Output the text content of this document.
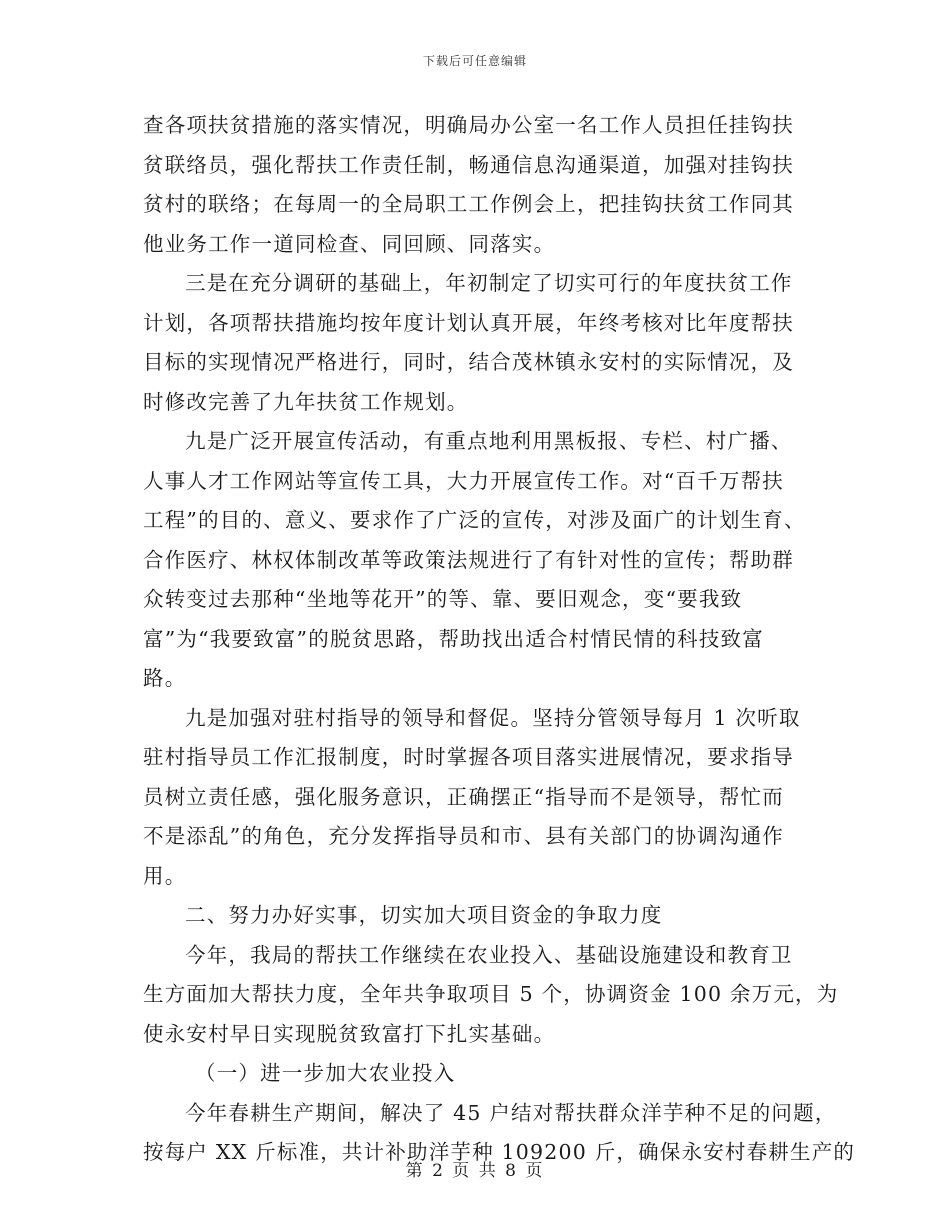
下载后可任意编辑
查各项扶贫措施的落实情况，明确局办公室一名工作人员担任挂钩扶
贫联络员，强化帮扶工作责任制，畅通信息沟通渠道，加强对挂钩扶
贫村的联络；在每周一的全局职工工作例会上，把挂钩扶贫工作同其
他业务工作一道同检查、同回顾、同落实。
三是在充分调研的基础上，年初制定了切实可行的年度扶贫工作
计划，各项帮扶措施均按年度计划认真开展，年终考核对比年度帮扶
目标的实现情况严格进行，同时，结合茂林镇永安村的实际情况，及
时修改完善了九年扶贫工作规划。
九是广泛开展宣传活动，有重点地利用黑板报、专栏、村广播、
人事人才工作网站等宣传工具，大力开展宣传工作。对“百千万帮扶
工程”的目的、意义、要求作了广泛的宣传，对涉及面广的计划生育、
合作医疗、林权体制改革等政策法规进行了有针对性的宣传；帮助群
众转变过去那种“坐地等花开”的等、靠、要旧观念，变“要我致
富”为“我要致富”的脱贫思路，帮助找出适合村情民情的科技致富
路。
九是加强对驻村指导的领导和督促。坚持分管领导每月 1 次听取
驻村指导员工作汇报制度，时时掌握各项目落实进展情况，要求指导
员树立责任感，强化服务意识，正确摆正“指导而不是领导，帮忙而
不是添乱”的角色，充分发挥指导员和市、县有关部门的协调沟通作
用。
二、努力办好实事，切实加大项目资金的争取力度
今年，我局的帮扶工作继续在农业投入、基础设施建设和教育卫
生方面加大帮扶力度，全年共争取项目 5 个，协调资金 100 余万元，为
使永安村早日实现脱贫致富打下扎实基础。
（一）进一步加大农业投入
今年春耕生产期间，解决了 45 户结对帮扶群众洋芋种不足的问题，
按每户 XX 斤标准，共计补助洋芋种 109200 斤，确保永安村春耕生产的
第 2 页 共 8 页
